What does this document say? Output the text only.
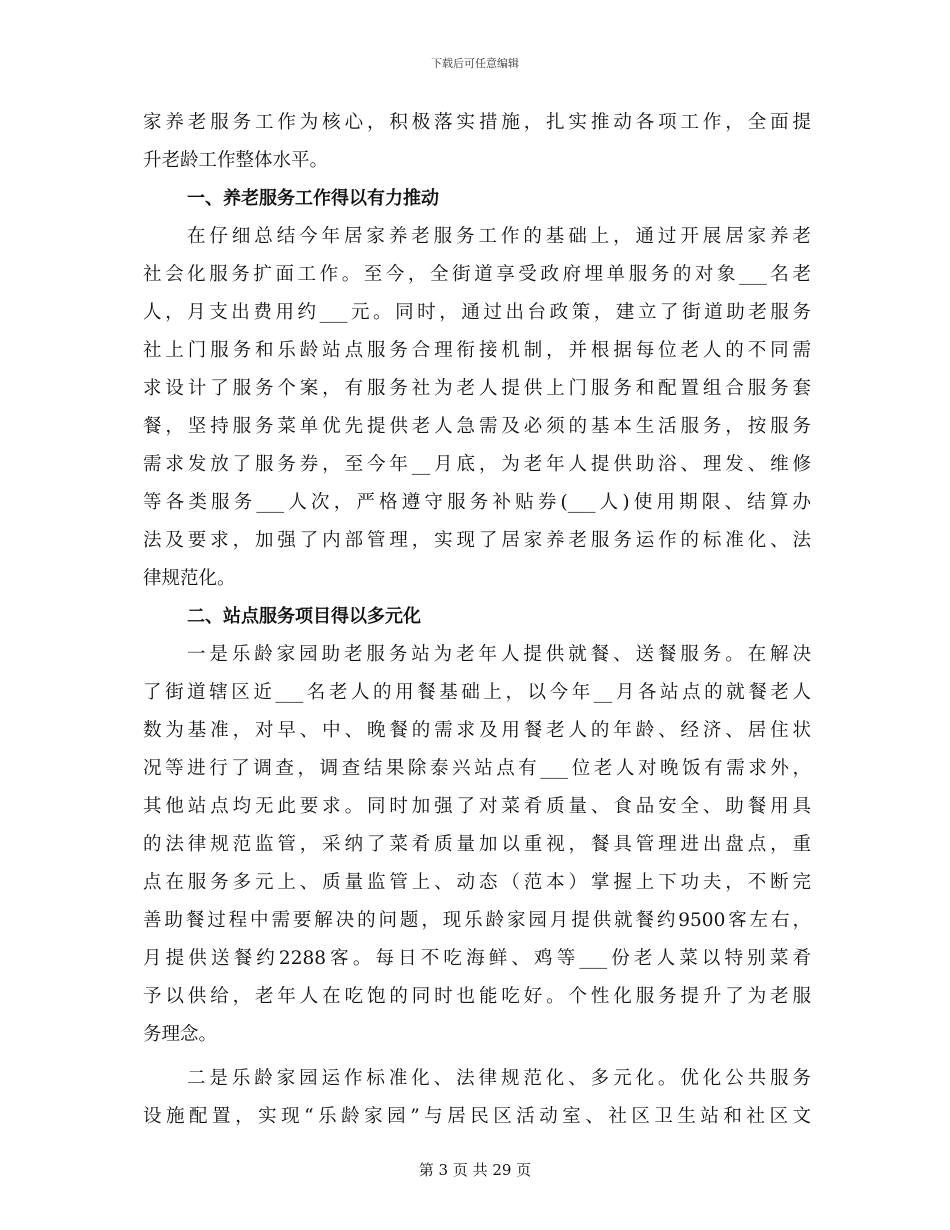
下载后可任意编辑
家养老服务工作为核心，积极落实措施，扎实推动各项工作，全面提
升老龄工作整体水平。
一、养老服务工作得以有力推动
在仔细总结今年居家养老服务工作的基础上，通过开展居家养老
社会化服务扩面工作。至今，全街道享受政府埋单服务的对象___名老
人，月支出费用约___元。同时，通过出台政策，建立了街道助老服务
社上门服务和乐龄站点服务合理衔接机制，并根据每位老人的不同需
求设计了服务个案，有服务社为老人提供上门服务和配置组合服务套
餐，坚持服务菜单优先提供老人急需及必须的基本生活服务，按服务
需求发放了服务券，至今年__月底，为老年人提供助浴、理发、维修
等各类服务___人次，严格遵守服务补贴券(___人)使用期限、结算办
法及要求，加强了内部管理，实现了居家养老服务运作的标准化、法
律规范化。
二、站点服务项目得以多元化
一是乐龄家园助老服务站为老年人提供就餐、送餐服务。在解决
了街道辖区近___名老人的用餐基础上，以今年__月各站点的就餐老人
数为基准，对早、中、晚餐的需求及用餐老人的年龄、经济、居住状
况等进行了调查，调查结果除泰兴站点有___位老人对晚饭有需求外，
其他站点均无此要求。同时加强了对菜肴质量、食品安全、助餐用具
的法律规范监管，采纳了菜肴质量加以重视，餐具管理进出盘点，重
点在服务多元上、质量监管上、动态（范本）掌握上下功夫，不断完
善助餐过程中需要解决的问题，现乐龄家园月提供就餐约9500客左右，
月提供送餐约2288客。每日不吃海鲜、鸡等___份老人菜以特别菜肴
予以供给，老年人在吃饱的同时也能吃好。个性化服务提升了为老服
务理念。
二是乐龄家园运作标准化、法律规范化、多元化。优化公共服务
设施配置，实现“乐龄家园”与居民区活动室、社区卫生站和社区文
第 3 页 共 29 页
